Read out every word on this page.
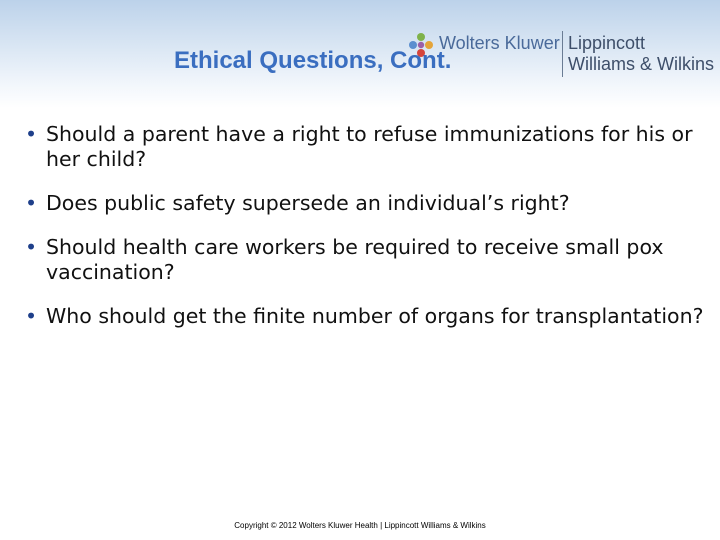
Wolters Kluwer Lippincott
Williams & Wilkins
Ethical Questions, Cont.
• Should a parent have a right to refuse immunizations for his or her child?
• Does public safety supersede an individual’s right?
• Should health care workers be required to receive small pox vaccination?
• Who should get the finite number of organs for transplantation?
Copyright © 2012 Wolters Kluwer Health | Lippincott Williams & Wilkins
